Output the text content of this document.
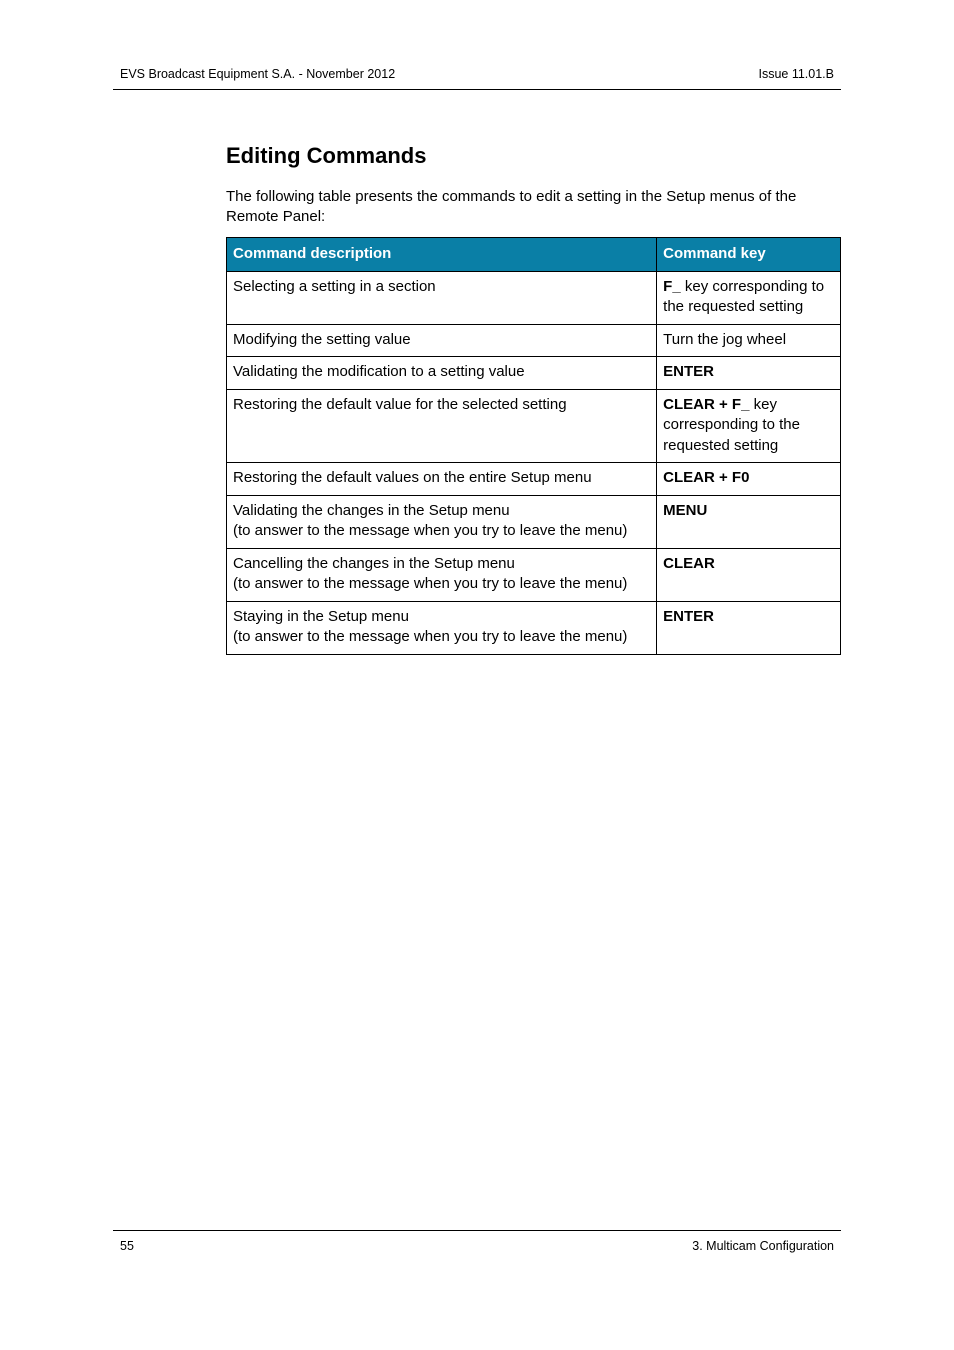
EVS Broadcast Equipment S.A. - November 2012	Issue 11.01.B
Editing Commands

The following table presents the commands to edit a setting in the Setup menus of the Remote Panel:

Command description	Command key
Selecting a setting in a section	F_ key corresponding to the requested setting
Modifying the setting value	Turn the jog wheel
Validating the modification to a setting value	ENTER
Restoring the default value for the selected setting	CLEAR + F_ key corresponding to the requested setting
Restoring the default values on the entire Setup menu	CLEAR + F0
Validating the changes in the Setup menu
(to answer to the message when you try to leave the menu)	MENU
Cancelling the changes in the Setup menu
(to answer to the message when you try to leave the menu)	CLEAR
Staying in the Setup menu
(to answer to the message when you try to leave the menu)	ENTER
55	3. Multicam Configuration
